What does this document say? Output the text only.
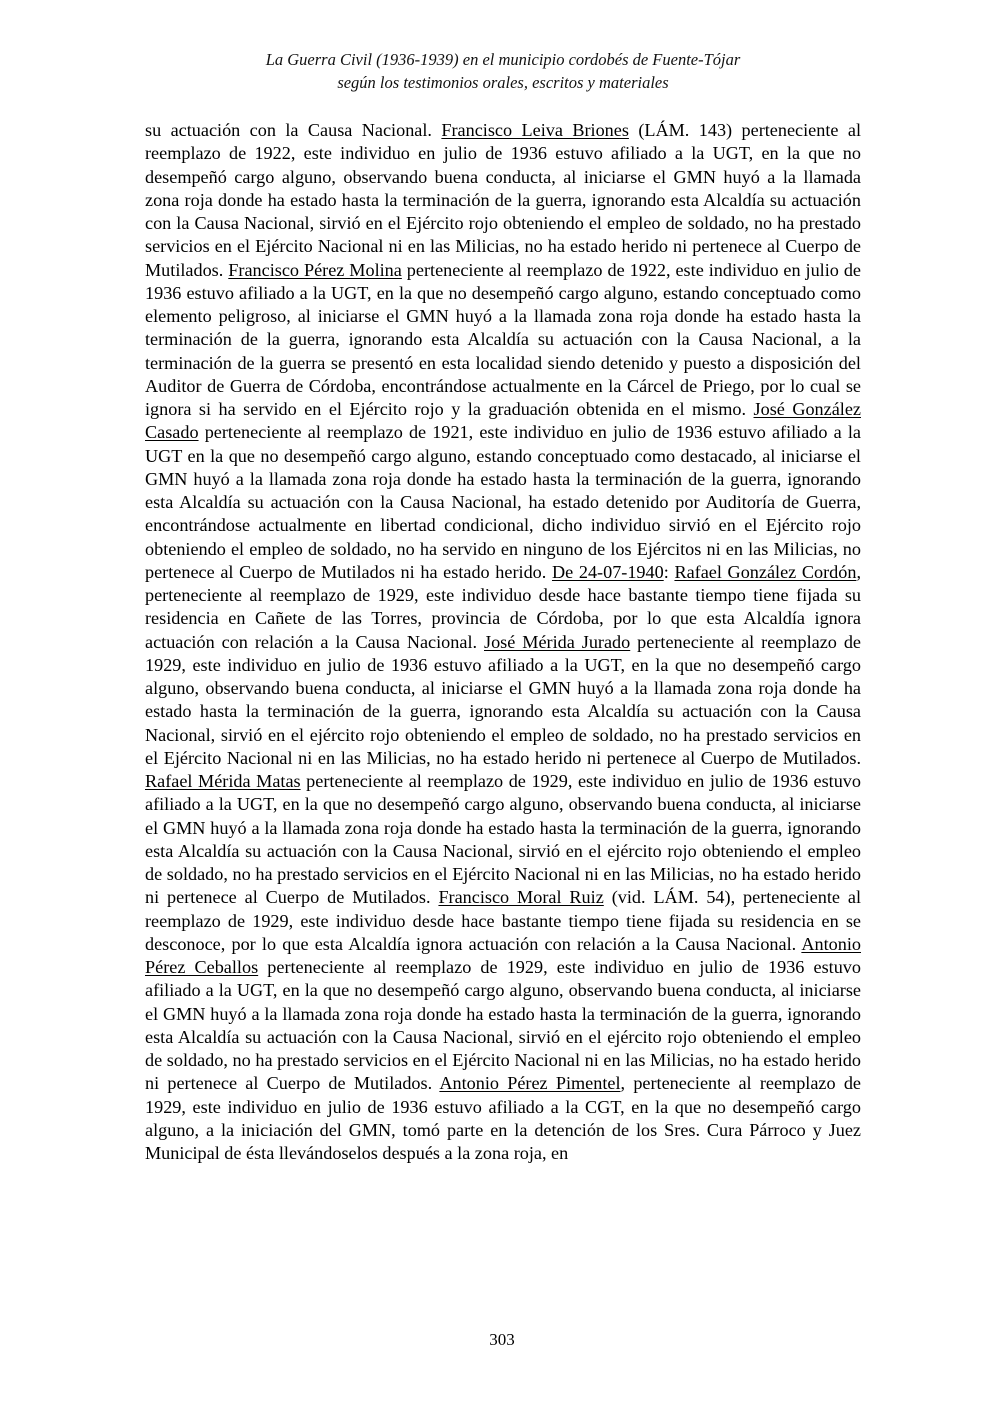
La Guerra Civil (1936-1939) en el municipio cordobés de Fuente-Tójar
según los testimonios orales, escritos y materiales

su actuación con la Causa Nacional. Francisco Leiva Briones (LÁM. 143) perteneciente al reemplazo de 1922, este individuo en julio de 1936 estuvo afiliado a la UGT, en la que no desempeñó cargo alguno, observando buena conducta, al iniciarse el GMN huyó a la llamada zona roja donde ha estado hasta la terminación de la guerra, ignorando esta Alcaldía su actuación con la Causa Nacional, sirvió en el Ejército rojo obteniendo el empleo de soldado, no ha prestado servicios en el Ejército Nacional ni en las Milicias, no ha estado herido ni pertenece al Cuerpo de Mutilados. Francisco Pérez Molina perteneciente al reemplazo de 1922, este individuo en julio de 1936 estuvo afiliado a la UGT, en la que no desempeñó cargo alguno, estando conceptuado como elemento peligroso, al iniciarse el GMN huyó a la llamada zona roja donde ha estado hasta la terminación de la guerra, ignorando esta Alcaldía su actuación con la Causa Nacional, a la terminación de la guerra se presentó en esta localidad siendo detenido y puesto a disposición del Auditor de Guerra de Córdoba, encontrándose actualmente en la Cárcel de Priego, por lo cual se ignora si ha servido en el Ejército rojo y la graduación obtenida en el mismo. José González Casado perteneciente al reemplazo de 1921, este individuo en julio de 1936 estuvo afiliado a la UGT en la que no desempeñó cargo alguno, estando conceptuado como destacado, al iniciarse el GMN huyó a la llamada zona roja donde ha estado hasta la terminación de la guerra, ignorando esta Alcaldía su actuación con la Causa Nacional, ha estado detenido por Auditoría de Guerra, encontrándose actualmente en libertad condicional, dicho individuo sirvió en el Ejército rojo obteniendo el empleo de soldado, no ha servido en ninguno de los Ejércitos ni en las Milicias, no pertenece al Cuerpo de Mutilados ni ha estado herido. De 24-07-1940: Rafael González Cordón, perteneciente al reemplazo de 1929, este individuo desde hace bastante tiempo tiene fijada su residencia en Cañete de las Torres, provincia de Córdoba, por lo que esta Alcaldía ignora actuación con relación a la Causa Nacional. José Mérida Jurado perteneciente al reemplazo de 1929, este individuo en julio de 1936 estuvo afiliado a la UGT, en la que no desempeñó cargo alguno, observando buena conducta, al iniciarse el GMN huyó a la llamada zona roja donde ha estado hasta la terminación de la guerra, ignorando esta Alcaldía su actuación con la Causa Nacional, sirvió en el ejército rojo obteniendo el empleo de soldado, no ha prestado servicios en el Ejército Nacional ni en las Milicias, no ha estado herido ni pertenece al Cuerpo de Mutilados. Rafael Mérida Matas perteneciente al reemplazo de 1929, este individuo en julio de 1936 estuvo afiliado a la UGT, en la que no desempeñó cargo alguno, observando buena conducta, al iniciarse el GMN huyó a la llamada zona roja donde ha estado hasta la terminación de la guerra, ignorando esta Alcaldía su actuación con la Causa Nacional, sirvió en el ejército rojo obteniendo el empleo de soldado, no ha prestado servicios en el Ejército Nacional ni en las Milicias, no ha estado herido ni pertenece al Cuerpo de Mutilados. Francisco Moral Ruiz (vid. LÁM. 54), perteneciente al reemplazo de 1929, este individuo desde hace bastante tiempo tiene fijada su residencia en se desconoce, por lo que esta Alcaldía ignora actuación con relación a la Causa Nacional. Antonio Pérez Ceballos perteneciente al reemplazo de 1929, este individuo en julio de 1936 estuvo afiliado a la UGT, en la que no desempeñó cargo alguno, observando buena conducta, al iniciarse el GMN huyó a la llamada zona roja donde ha estado hasta la terminación de la guerra, ignorando esta Alcaldía su actuación con la Causa Nacional, sirvió en el ejército rojo obteniendo el empleo de soldado, no ha prestado servicios en el Ejército Nacional ni en las Milicias, no ha estado herido ni pertenece al Cuerpo de Mutilados. Antonio Pérez Pimentel, perteneciente al reemplazo de 1929, este individuo en julio de 1936 estuvo afiliado a la CGT, en la que no desempeñó cargo alguno, a la iniciación del GMN, tomó parte en la detención de los Sres. Cura Párroco y Juez Municipal de ésta llevándoselos después a la zona roja, en

303
